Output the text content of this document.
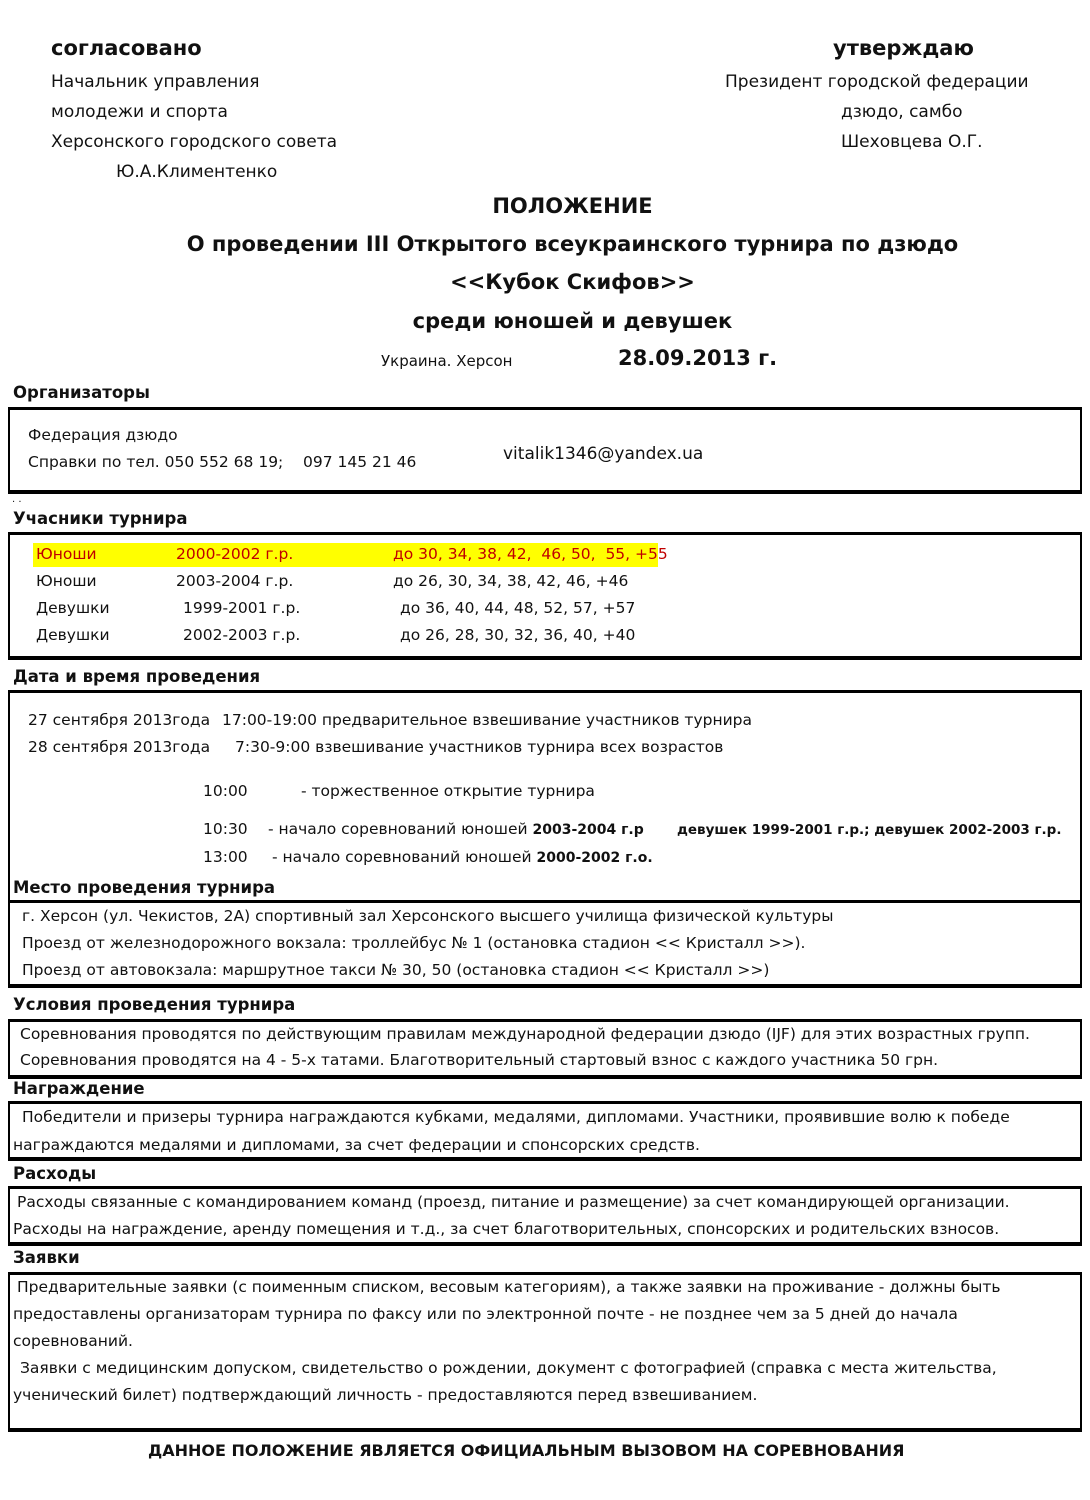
согласовано
Начальник управления
молодежи и спорта
Херсонского городского совета
Ю.А.Климентенко
утверждаю
Президент городской федерации
дзюдо, самбо
Шеховцева О.Г.
ПОЛОЖЕНИЕ
О проведении III Открытого всеукраинского турнира по дзюдо
<<Кубок Скифов>>
среди юношей и девушек
Украина. Херсон	28.09.2013 г.
Организаторы
Федерация дзюдо
Справки по тел. 050 552 68 19;    097 145 21 46	vitalik1346@yandex.ua
. .
Учасники турнира
Юноши	2000-2002 г.р.	до 30, 34, 38, 42,  46, 50,  55, +55
Юноши	2003-2004 г.р.	до 26, 30, 34, 38, 42, 46, +46
Девушки	1999-2001 г.р.	до 36, 40, 44, 48, 52, 57, +57
Девушки	2002-2003 г.р.	до 26, 28, 30, 32, 36, 40, +40
Дата и время проведения
27 сентября 2013года 17:00-19:00 предварительное взвешивание участников турнира
28 сентября 2013года 7:30-9:00 взвешивание участников турнира всех возрастов
10:00	- торжественное открытие турнира
10:30 - начало соревнований юношей 2003-2004 г.р девушек 1999-2001 г.р.; девушек 2002-2003 г.р.
13:00 - начало соревнований юношей 2000-2002 г.о.
Место проведения турнира
г. Херсон (ул. Чекистов, 2А) спортивный зал Херсонского высшего училища физической культуры
Проезд от железнодорожного вокзала: троллейбус № 1 (остановка стадион << Кристалл >>).
Проезд от автовокзала: маршрутное такси № 30, 50 (остановка стадион << Кристалл >>)
Условия проведения турнира
Соревнования проводятся по действующим правилам международной федерации дзюдо (IJF) для этих возрастных групп.
Соревнования проводятся на 4 - 5-х татами. Благотворительный стартовый взнос с каждого участника 50 грн.
Награждение
Победители и призеры турнира награждаются кубками, медалями, дипломами. Участники, проявившие волю к победе
награждаются медалями и дипломами, за счет федерации и спонсорских средств.
Расходы
Расходы связанные с командированием команд (проезд, питание и размещение) за счет командирующей организации.
Расходы на награждение, аренду помещения и т.д., за счет благотворительных, спонсорских и родительских взносов.
Заявки
Предварительные заявки (с поименным списком, весовым категориям), а также заявки на проживание - должны быть
предоставлены организаторам турнира по факсу или по электронной почте - не позднее чем за 5 дней до начала
соревнований.
Заявки с медицинским допуском, свидетельство о рождении, документ с фотографией (справка с места жительства,
ученический билет) подтверждающий личность - предоставляются перед взвешиванием.
ДАННОЕ ПОЛОЖЕНИЕ ЯВЛЯЕТСЯ ОФИЦИАЛЬНЫМ ВЫЗОВОМ НА СОРЕВНОВАНИЯ
